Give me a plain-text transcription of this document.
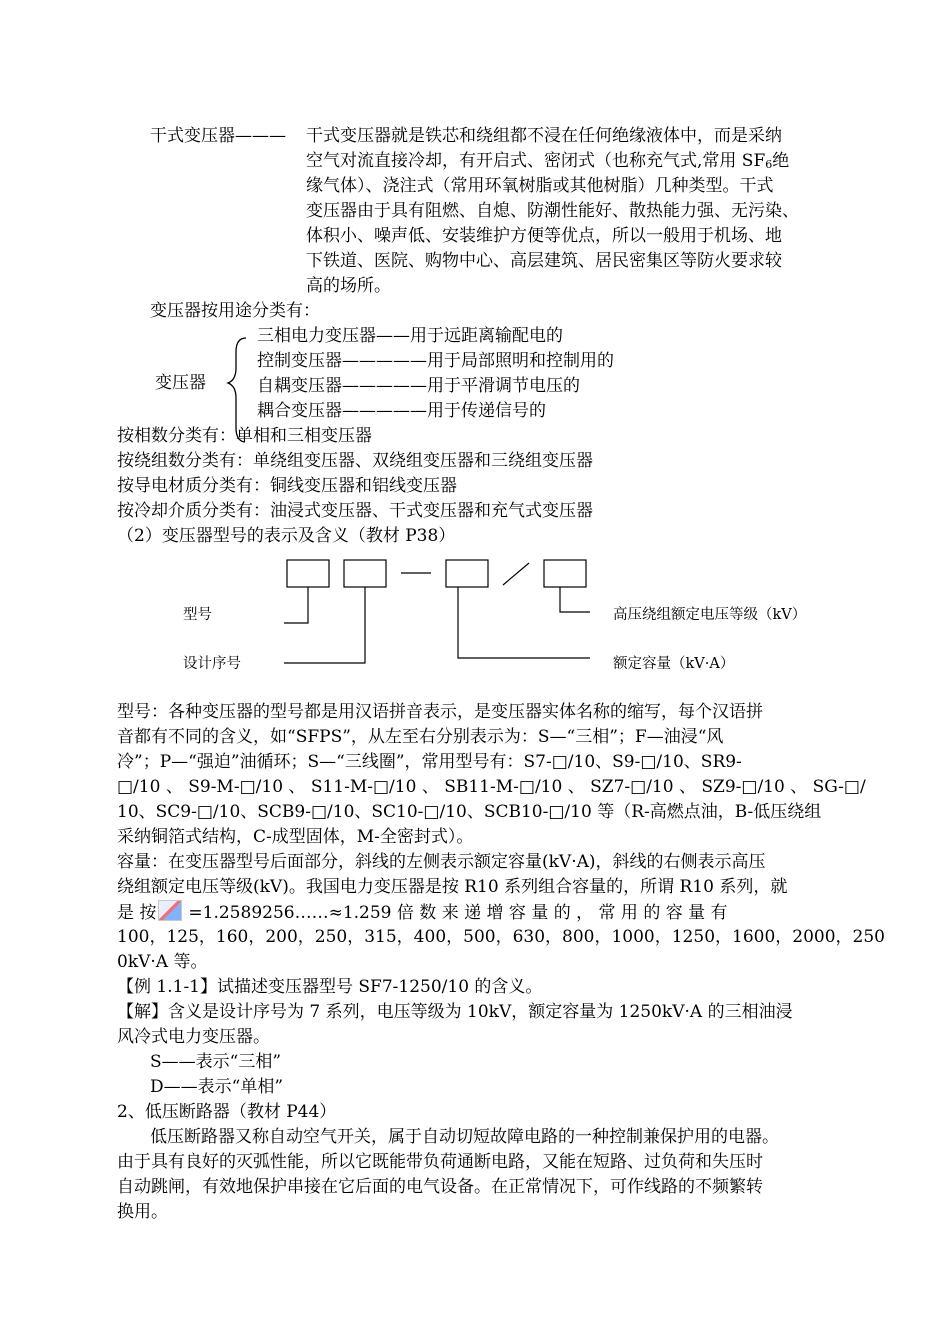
干式变压器——— 干式变压器就是铁芯和绕组都不浸在任何绝缘液体中，而是采纳
空气对流直接冷却，有开启式、密闭式（也称充气式,常用 SF6绝
缘气体）、浇注式（常用环氧树脂或其他树脂）几种类型。干式
变压器由于具有阻燃、自熄、防潮性能好、散热能力强、无污染、
体积小、噪声低、安装维护方便等优点，所以一般用于机场、地
下铁道、医院、购物中心、高层建筑、居民密集区等防火要求较
高的场所。
变压器按用途分类有：
变压器
三相电力变压器——用于远距离输配电的
控制变压器—————用于局部照明和控制用的
自耦变压器—————用于平滑调节电压的
耦合变压器—————用于传递信号的
按相数分类有：单相和三相变压器
按绕组数分类有：单绕组变压器、双绕组变压器和三绕组变压器
按导电材质分类有：铜线变压器和铝线变压器
按冷却介质分类有：油浸式变压器、干式变压器和充气式变压器
（2）变压器型号的表示及含义（教材 P38）
型号
设计序号
高压绕组额定电压等级（kV）
额定容量（kV·A）
型号：各种变压器的型号都是用汉语拼音表示，是变压器实体名称的缩写，每个汉语拼
音都有不同的含义，如“SFPS”，从左至右分别表示为：S—“三相”；F—油浸“风
冷”；P—“强迫”油循环；S—“三线圈”，常用型号有：S7-□/10、S9-□/10、SR9-
□/10 、 S9-M-□/10 、 S11-M-□/10 、 SB11-M-□/10 、 SZ7-□/10 、 SZ9-□/10 、 SG-□/
10、SC9-□/10、SCB9-□/10、SC10-□/10、SCB10-□/10 等（R-高燃点油，B-低压绕组
采纳铜箔式结构，C-成型固体，M-全密封式）。
容量：在变压器型号后面部分，斜线的左侧表示额定容量(kV·A)，斜线的右侧表示高压
绕组额定电压等级(kV)。我国电力变压器是按 R10 系列组合容量的，所谓 R10 系列，就
是 按 =1.2589256……≈1.259 倍 数 来 递 增 容 量 的 ， 常 用 的 容 量 有
100，125，160，200，250，315，400，500，630，800，1000，1250，1600，2000，250
0kV·A 等。
【例 1.1-1】试描述变压器型号 SF7-1250/10 的含义。
【解】含义是设计序号为 7 系列，电压等级为 10kV，额定容量为 1250kV·A 的三相油浸
风冷式电力变压器。
S——表示“三相”
D——表示“单相”
2、低压断路器（教材 P44）
低压断路器又称自动空气开关，属于自动切短故障电路的一种控制兼保护用的电器。
由于具有良好的灭弧性能，所以它既能带负荷通断电路，又能在短路、过负荷和失压时
自动跳闸，有效地保护串接在它后面的电气设备。在正常情况下，可作线路的不频繁转
换用。
